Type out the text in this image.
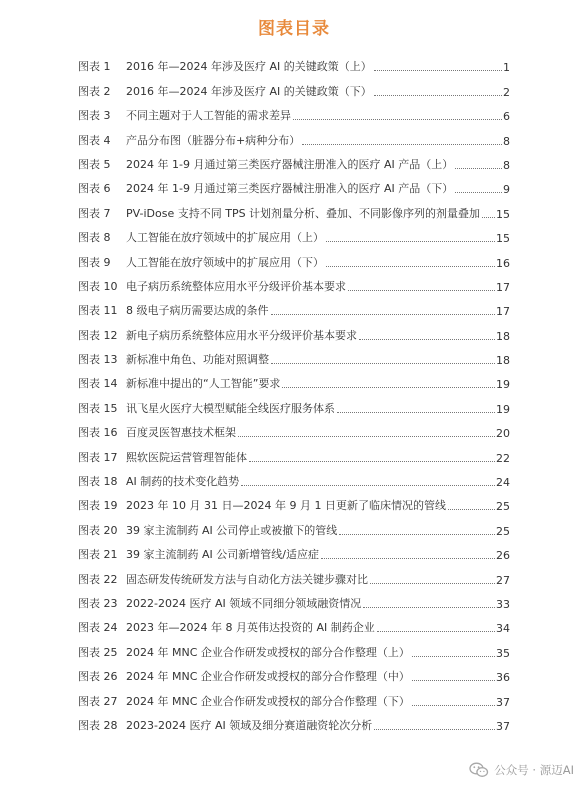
图表目录
图表 1	2016 年—2024 年涉及医疗 AI 的关键政策（上）	1
图表 2	2016 年—2024 年涉及医疗 AI 的关键政策（下）	2
图表 3	不同主题对于人工智能的需求差异	6
图表 4	产品分布图（脏器分布+病种分布）	8
图表 5	2024 年 1-9 月通过第三类医疗器械注册准入的医疗 AI 产品（上）	8
图表 6	2024 年 1-9 月通过第三类医疗器械注册准入的医疗 AI 产品（下）	9
图表 7	PV-iDose 支持不同 TPS 计划剂量分析、叠加、不同影像序列的剂量叠加 15
图表 8	人工智能在放疗领域中的扩展应用（上）	15
图表 9	人工智能在放疗领域中的扩展应用（下）	16
图表 10 电子病历系统整体应用水平分级评价基本要求	17
图表 11 8 级电子病历需要达成的条件	17
图表 12 新电子病历系统整体应用水平分级评价基本要求	18
图表 13 新标准中角色、功能对照调整	18
图表 14 新标准中提出的“人工智能”要求	19
图表 15 讯飞星火医疗大模型赋能全线医疗服务体系	19
图表 16 百度灵医智惠技术框架	20
图表 17 熙软医院运营管理智能体	22
图表 18 AI 制药的技术变化趋势	24
图表 19 2023 年 10 月 31 日—2024 年 9 月 1 日更新了临床情况的管线	25
图表 20 39 家主流制药 AI 公司停止或被撤下的管线	25
图表 21 39 家主流制药 AI 公司新增管线/适应症	26
图表 22 固态研发传统研发方法与自动化方法关键步骤对比	27
图表 23 2022-2024 医疗 AI 领域不同细分领域融资情况	33
图表 24 2023 年—2024 年 8 月英伟达投资的 AI 制药企业	34
图表 25 2024 年 MNC 企业合作研发或授权的部分合作整理（上）	35
图表 26 2024 年 MNC 企业合作研发或授权的部分合作整理（中）	36
图表 27 2024 年 MNC 企业合作研发或授权的部分合作整理（下）	37
图表 28 2023-2024 医疗 AI 领域及细分赛道融资轮次分析	37
公众号 · 源迈AI
